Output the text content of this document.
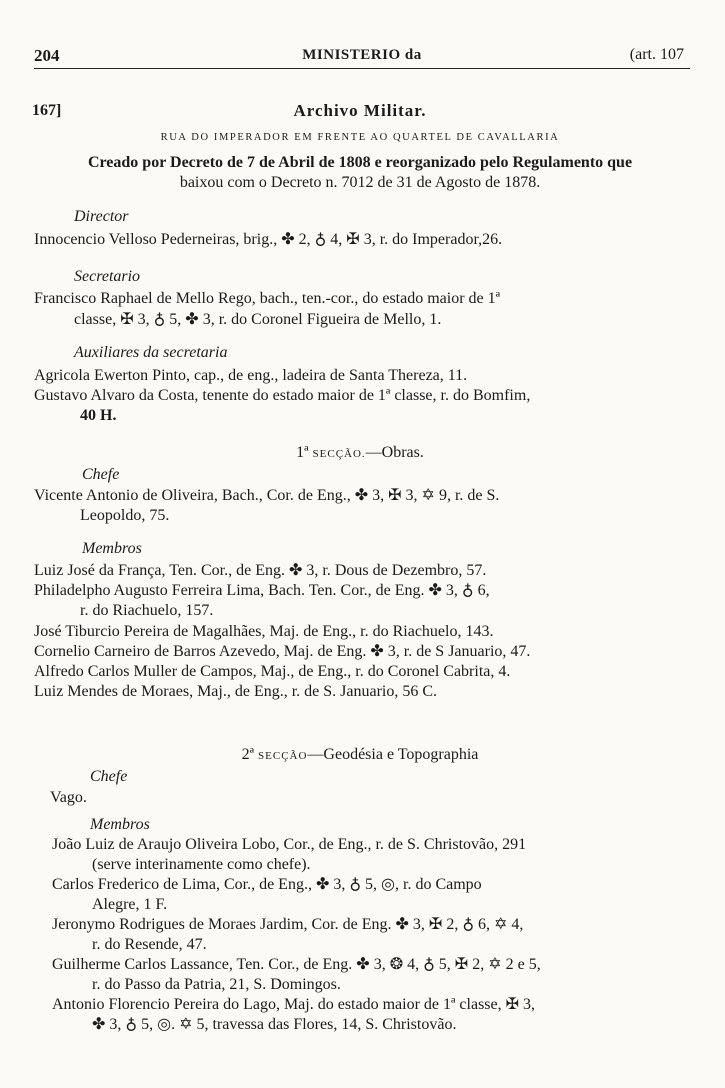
204	MINISTERIO da	(art. 107
167]	Archivo Militar.
RUA DO IMPERADOR EM FRENTE AO QUARTEL DE CAVALLARIA
Creado por Decreto de 7 de Abril de 1808 e reorganizado pelo Regulamento que
baixou com o Decreto n. 7012 de 31 de Agosto de 1878.
Director
Innocencio Velloso Pederneiras, brig., ✤ 2, ♁ 4, ✠ 3, r. do Imperador,26.
Secretario
Francisco Raphael de Mello Rego, bach., ten.-cor., do estado maior de 1ª
classe, ✠ 3, ♁ 5, ✤ 3, r. do Coronel Figueira de Mello, 1.
Auxiliares da secretaria
Agricola Ewerton Pinto, cap., de eng., ladeira de Santa Thereza, 11.
Gustavo Alvaro da Costa, tenente do estado maior de 1ª classe, r. do Bomfim,
40 H.
1ª SECÇÃO.—Obras.
Chefe
Vicente Antonio de Oliveira, Bach., Cor. de Eng., ✤ 3, ✠ 3, ✡ 9, r. de S.
Leopoldo, 75.
Membros
Luiz José da França, Ten. Cor., de Eng. ✤ 3, r. Dous de Dezembro, 57.
Philadelpho Augusto Ferreira Lima, Bach. Ten. Cor., de Eng. ✤ 3, ♁ 6,
r. do Riachuelo, 157.
José Tiburcio Pereira de Magalhães, Maj. de Eng., r. do Riachuelo, 143.
Cornelio Carneiro de Barros Azevedo, Maj. de Eng. ✤ 3, r. de S Januario, 47.
Alfredo Carlos Muller de Campos, Maj., de Eng., r. do Coronel Cabrita, 4.
Luiz Mendes de Moraes, Maj., de Eng., r. de S. Januario, 56 C.
2ª SECÇÃO—Geodésia e Topographia
Chefe
Vago.
Membros
João Luiz de Araujo Oliveira Lobo, Cor., de Eng., r. de S. Christovão, 291
(serve interinamente como chefe).
Carlos Frederico de Lima, Cor., de Eng., ✤ 3, ♁ 5, ◎, r. do Campo
Alegre, 1 F.
Jeronymo Rodrigues de Moraes Jardim, Cor. de Eng. ✤ 3, ✠ 2, ♁ 6, ✡ 4,
r. do Resende, 47.
Guilherme Carlos Lassance, Ten. Cor., de Eng. ✤ 3, ❂ 4, ♁ 5, ✠ 2, ✡ 2 e 5,
r. do Passo da Patria, 21, S. Domingos.
Antonio Florencio Pereira do Lago, Maj. do estado maior de 1ª classe, ✠ 3,
✤ 3, ♁ 5, ◎. ✡ 5, travessa das Flores, 14, S. Christovão.
